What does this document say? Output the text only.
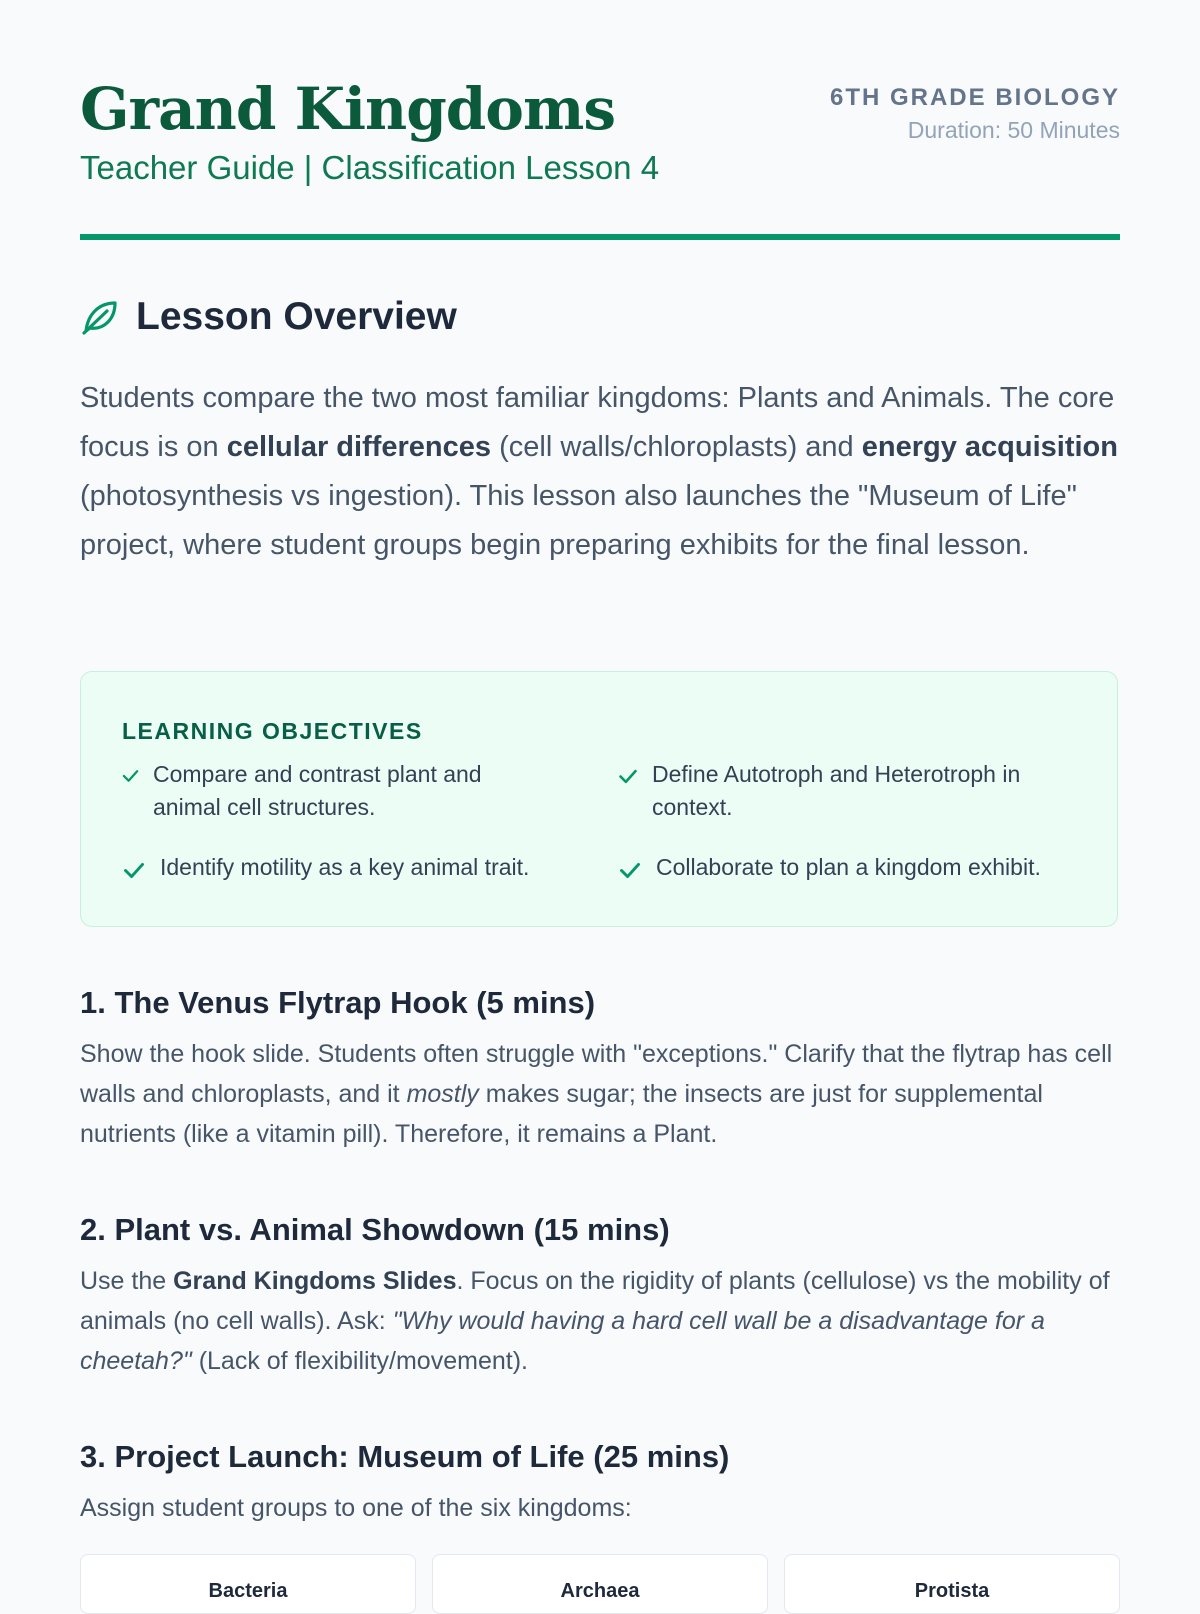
Grand Kingdoms
Teacher Guide | Classification Lesson 4
6TH GRADE BIOLOGY
Duration: 50 Minutes
Lesson Overview

Students compare the two most familiar kingdoms: Plants and Animals. The core focus is on cellular differences (cell walls/chloroplasts) and energy acquisition (photosynthesis vs ingestion). This lesson also launches the "Museum of Life" project, where student groups begin preparing exhibits for the final lesson.

LEARNING OBJECTIVES
Compare and contrast plant and animal cell structures.
Define Autotroph and Heterotroph in context.
Identify motility as a key animal trait.	Collaborate to plan a kingdom exhibit.
1. The Venus Flytrap Hook (5 mins)

Show the hook slide. Students often struggle with "exceptions." Clarify that the flytrap has cell walls and chloroplasts, and it mostly makes sugar; the insects are just for supplemental nutrients (like a vitamin pill). Therefore, it remains a Plant.

2. Plant vs. Animal Showdown (15 mins)

Use the Grand Kingdoms Slides. Focus on the rigidity of plants (cellulose) vs the mobility of animals (no cell walls). Ask: "Why would having a hard cell wall be a disadvantage for a cheetah?" (Lack of flexibility/movement).

3. Project Launch: Museum of Life (25 mins)

Assign student groups to one of the six kingdoms:

Bacteria	Archaea	Protista
